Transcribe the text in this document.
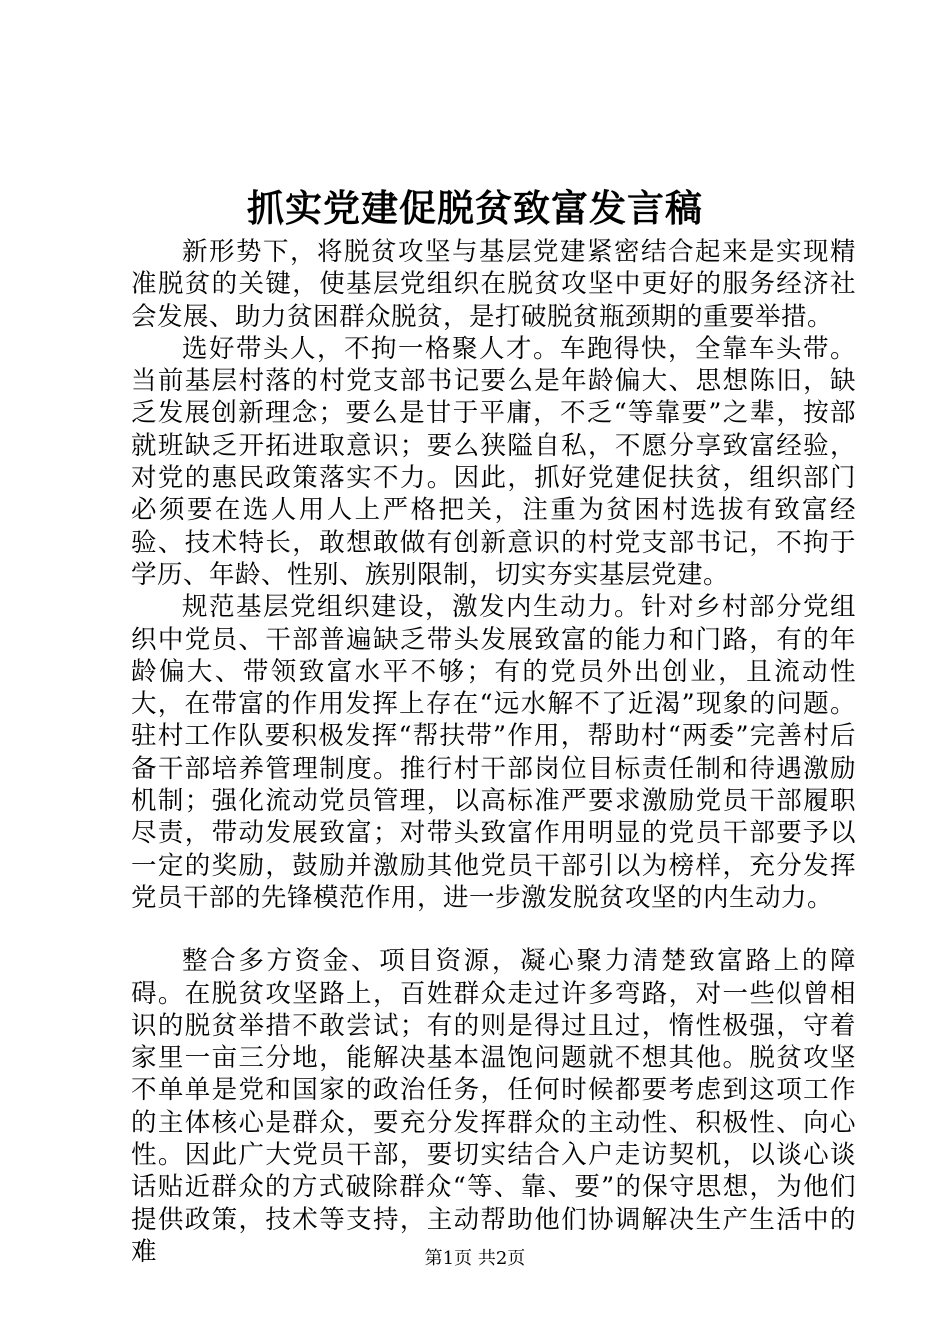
抓实党建促脱贫致富发言稿

新形势下，将脱贫攻坚与基层党建紧密结合起来是实现精准脱贫的关键，使基层党组织在脱贫攻坚中更好的服务经济社会发展、助力贫困群众脱贫，是打破脱贫瓶颈期的重要举措。

选好带头人，不拘一格聚人才。车跑得快，全靠车头带。当前基层村落的村党支部书记要么是年龄偏大、思想陈旧，缺乏发展创新理念；要么是甘于平庸，不乏“等靠要”之辈，按部就班缺乏开拓进取意识；要么狭隘自私，不愿分享致富经验，对党的惠民政策落实不力。因此，抓好党建促扶贫，组织部门必须要在选人用人上严格把关，注重为贫困村选拔有致富经验、技术特长，敢想敢做有创新意识的村党支部书记，不拘于学历、年龄、性别、族别限制，切实夯实基层党建。

规范基层党组织建设，激发内生动力。针对乡村部分党组织中党员、干部普遍缺乏带头发展致富的能力和门路，有的年龄偏大、带领致富水平不够；有的党员外出创业，且流动性大，在带富的作用发挥上存在“远水解不了近渴”现象的问题。驻村工作队要积极发挥“帮扶带”作用，帮助村“两委”完善村后备干部培养管理制度。推行村干部岗位目标责任制和待遇激励机制；强化流动党员管理，以高标准严要求激励党员干部履职尽责，带动发展致富；对带头致富作用明显的党员干部要予以一定的奖励，鼓励并激励其他党员干部引以为榜样，充分发挥党员干部的先锋模范作用，进一步激发脱贫攻坚的内生动力。

整合多方资金、项目资源，凝心聚力清楚致富路上的障碍。在脱贫攻坚路上，百姓群众走过许多弯路，对一些似曾相识的脱贫举措不敢尝试；有的则是得过且过，惰性极强，守着家里一亩三分地，能解决基本温饱问题就不想其他。脱贫攻坚不单单是党和国家的政治任务，任何时候都要考虑到这项工作的主体核心是群众，要充分发挥群众的主动性、积极性、向心性。因此广大党员干部，要切实结合入户走访契机，以谈心谈话贴近群众的方式破除群众“等、靠、要”的保守思想，为他们提供政策，技术等支持，主动帮助他们协调解决生产生活中的难	第1页 共2页
